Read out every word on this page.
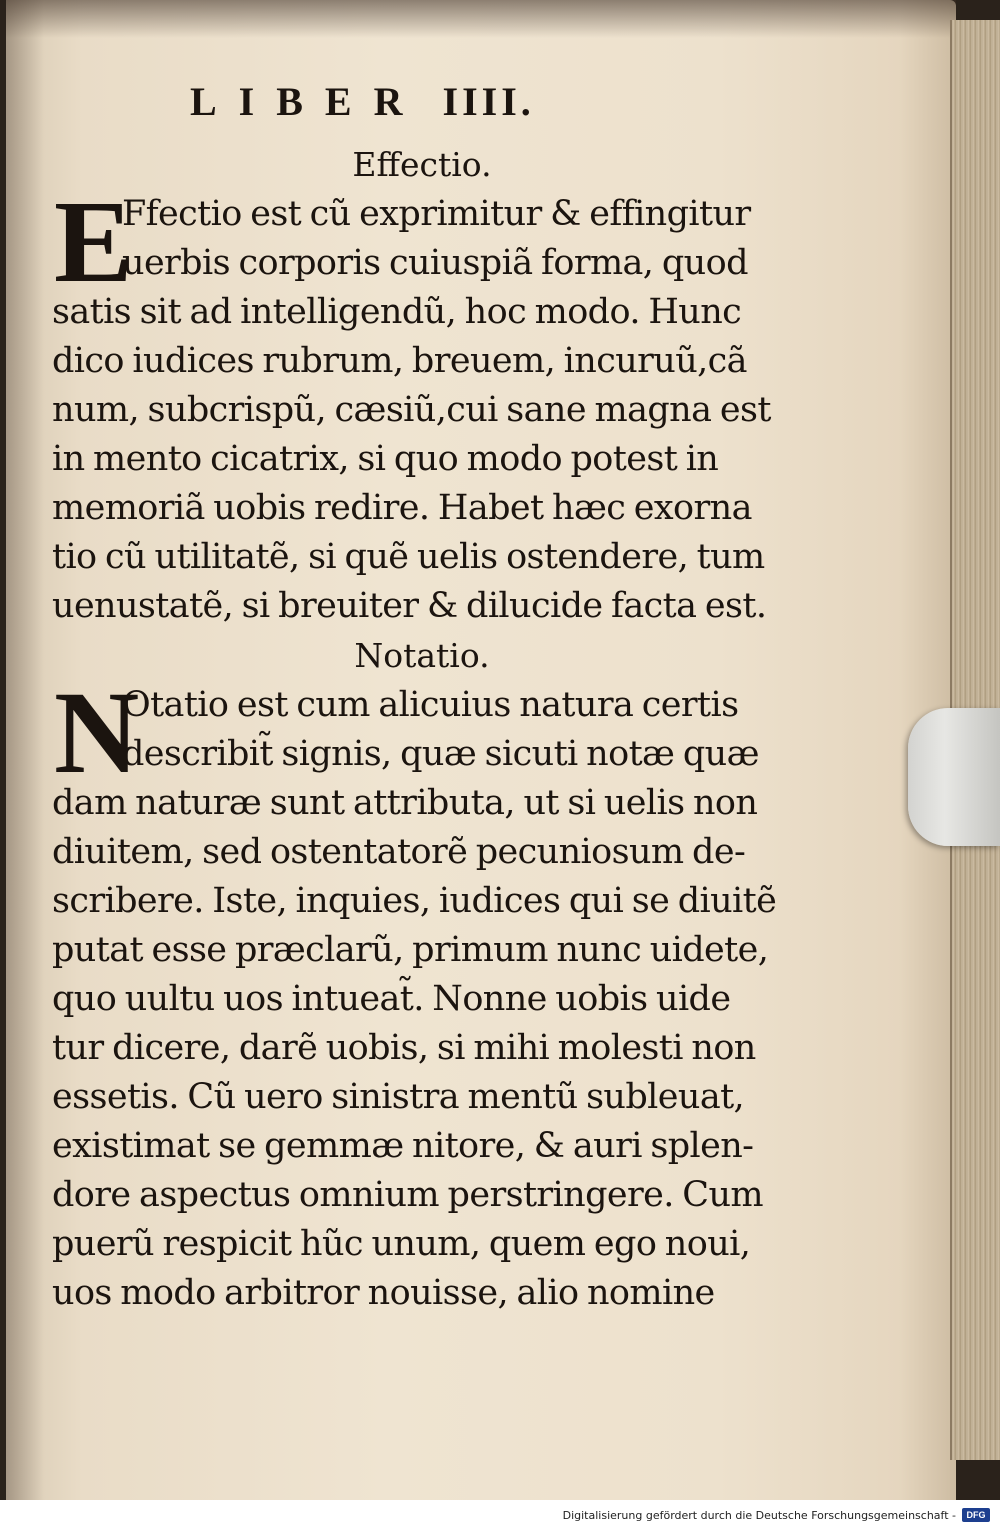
LIBER IIII.
Effectio.
E
Ffectio est cũ exprimitur & effingitur
uerbis corporis cuiuspiã forma, quod
satis sit ad intelligendũ, hoc modo. Hunc
dico iudices rubrum, breuem, incuruũ,cã
num, subcrispũ, cæsiũ,cui sane magna est
in mento cicatrix, si quo modo potest in
memoriã uobis redire. Habet hæc exorna
tio cũ utilitatẽ, si quẽ uelis ostendere, tum
uenustatẽ, si breuiter & dilucide facta est.
Notatio.
N
Otatio est cum alicuius natura certis
describit̃ signis, quæ sicuti notæ quæ
dam naturæ sunt attributa, ut si uelis non
diuitem, sed ostentatorẽ pecuniosum de-
scribere. Iste, inquies, iudices qui se diuitẽ
putat esse præclarũ, primum nunc uidete,
quo uultu uos intueat̃. Nonne uobis uide
tur dicere, darẽ uobis, si mihi molesti non
essetis. Cũ uero sinistra mentũ subleuat,
existimat se gemmæ nitore, & auri splen-
dore aspectus omnium perstringere. Cum
puerũ respicit hũc unum, quem ego noui,
uos modo arbitror nouisse, alio nomine
Digitalisierung gefördert durch die Deutsche Forschungsgemeinschaft -	DFG
